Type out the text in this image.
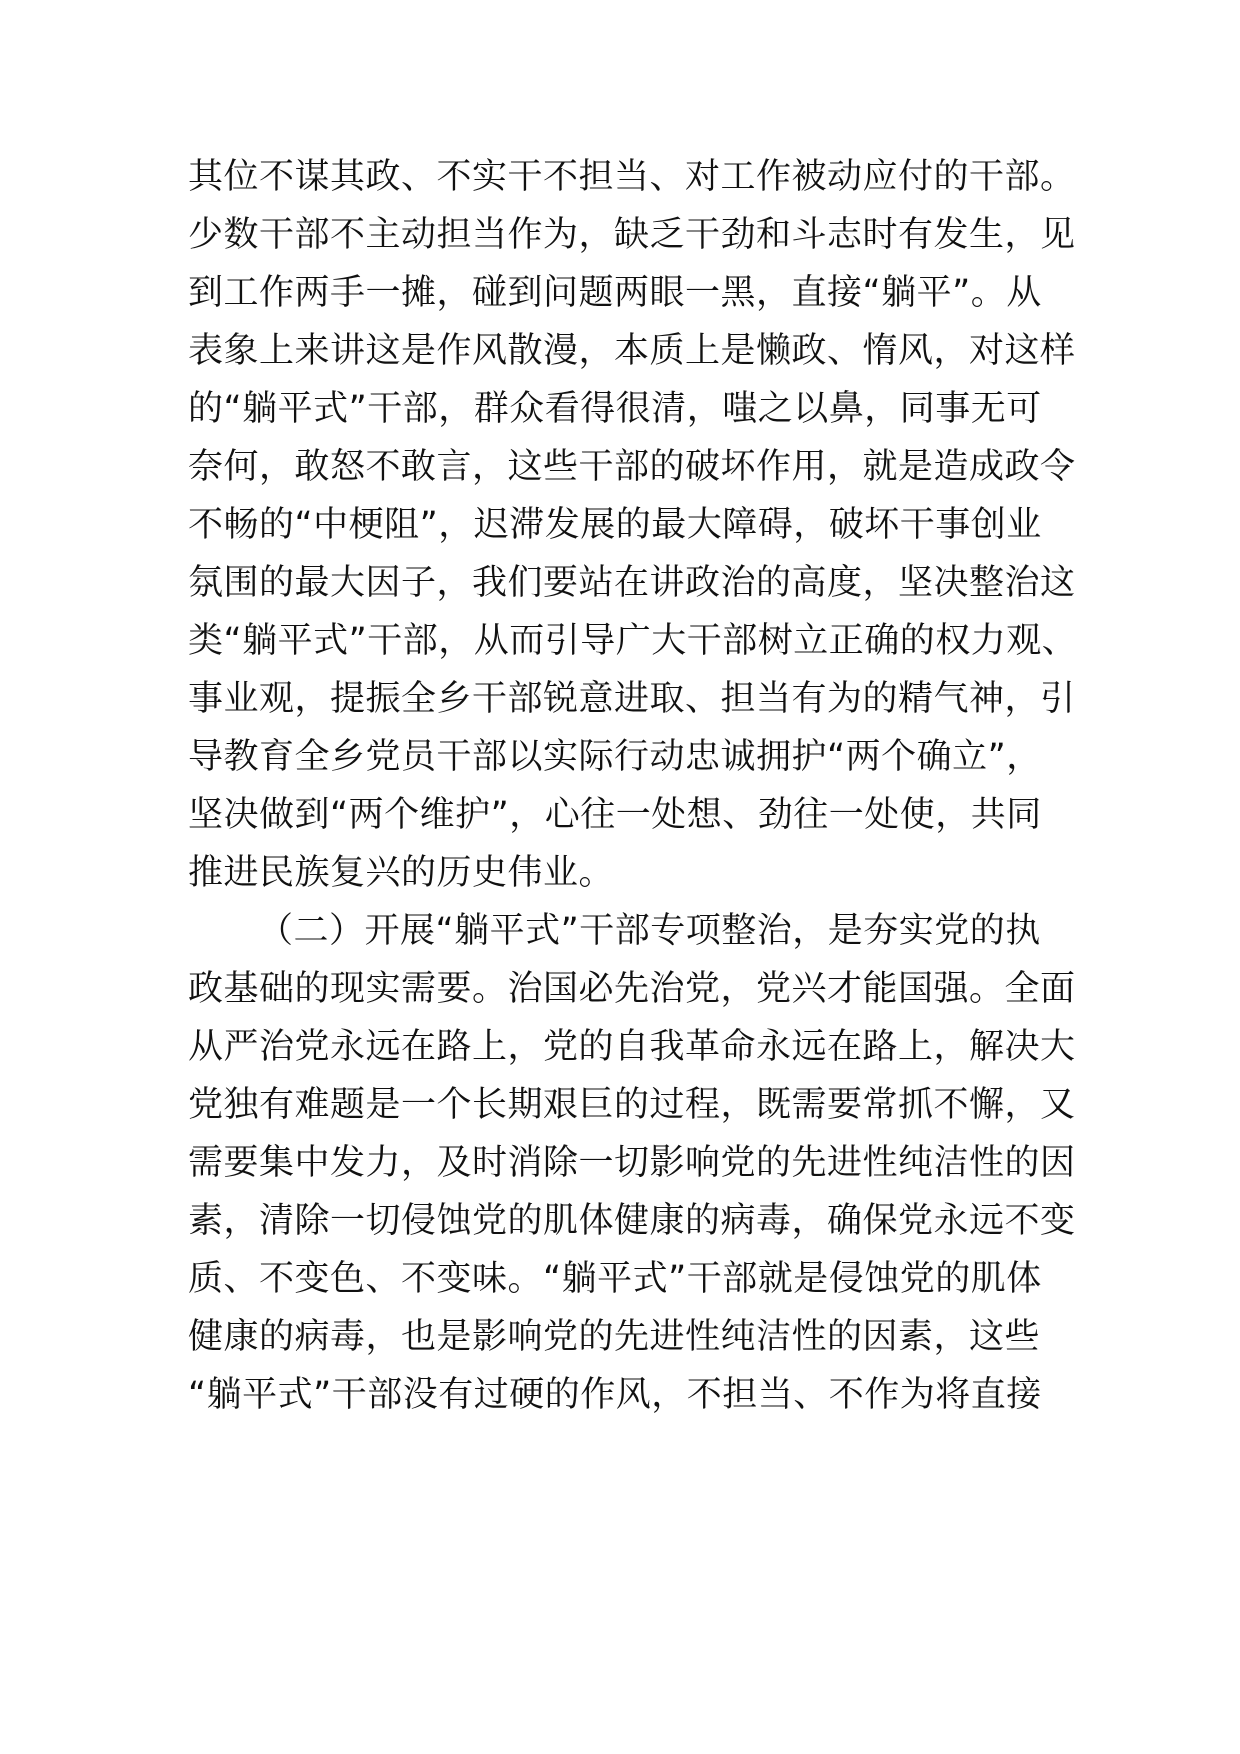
其位不谋其政、不实干不担当、对工作被动应付的干部。
少数干部不主动担当作为，缺乏干劲和斗志时有发生，见
到工作两手一摊，碰到问题两眼一黑，直接“躺平”。从
表象上来讲这是作风散漫，本质上是懒政、惰风，对这样
的“躺平式”干部，群众看得很清，嗤之以鼻，同事无可
奈何，敢怒不敢言，这些干部的破坏作用，就是造成政令
不畅的“中梗阻”，迟滞发展的最大障碍，破坏干事创业
氛围的最大因子，我们要站在讲政治的高度，坚决整治这
类“躺平式”干部，从而引导广大干部树立正确的权力观、
事业观，提振全乡干部锐意进取、担当有为的精气神，引
导教育全乡党员干部以实际行动忠诚拥护“两个确立”，
坚决做到“两个维护”，心往一处想、劲往一处使，共同
推进民族复兴的历史伟业。
（二）开展“躺平式”干部专项整治，是夯实党的执
政基础的现实需要。治国必先治党，党兴才能国强。全面
从严治党永远在路上，党的自我革命永远在路上，解决大
党独有难题是一个长期艰巨的过程，既需要常抓不懈，又
需要集中发力，及时消除一切影响党的先进性纯洁性的因
素，清除一切侵蚀党的肌体健康的病毒，确保党永远不变
质、不变色、不变味。“躺平式”干部就是侵蚀党的肌体
健康的病毒，也是影响党的先进性纯洁性的因素，这些
“躺平式”干部没有过硬的作风，不担当、不作为将直接
